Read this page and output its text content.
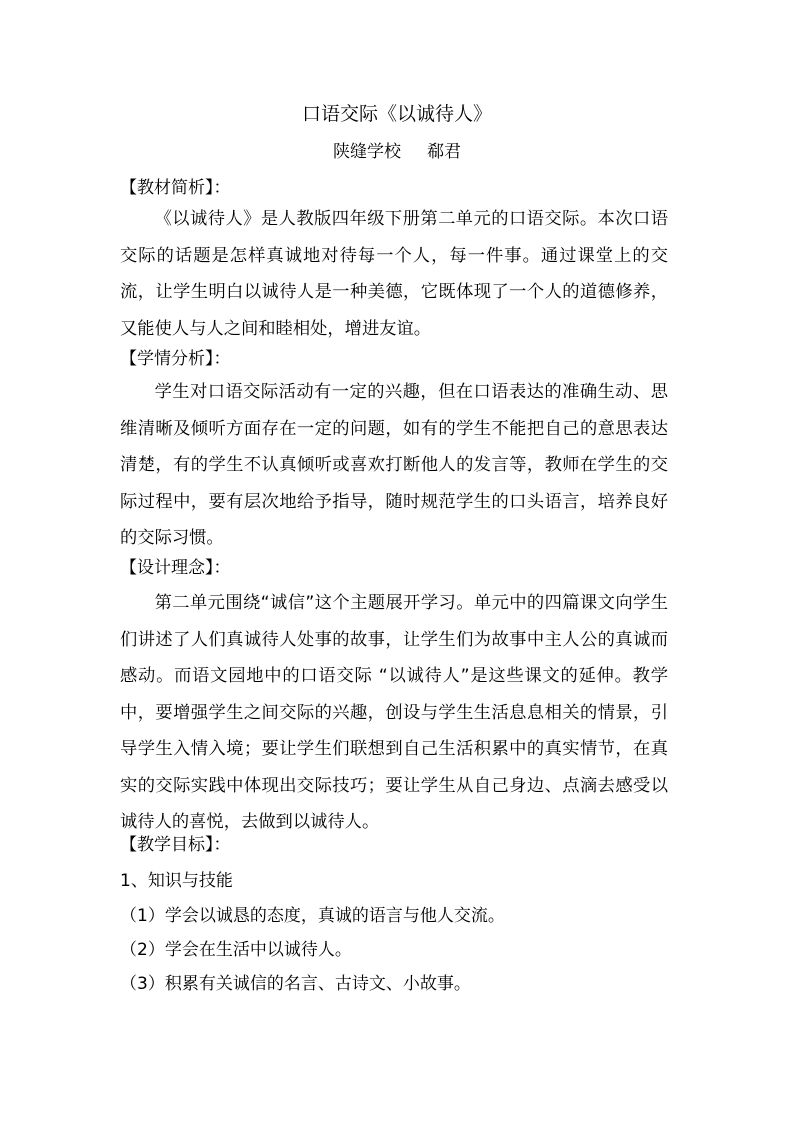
口语交际《以诚待人》
陕缝学校 郗君
【教材简析】：
《以诚待人》是人教版四年级下册第二单元的口语交际。本次口语交际的话题是怎样真诚地对待每一个人，每一件事。通过课堂上的交流，让学生明白以诚待人是一种美德，它既体现了一个人的道德修养，又能使人与人之间和睦相处，增进友谊。
【学情分析】：
学生对口语交际活动有一定的兴趣，但在口语表达的准确生动、思维清晰及倾听方面存在一定的问题，如有的学生不能把自己的意思表达清楚，有的学生不认真倾听或喜欢打断他人的发言等，教师在学生的交际过程中，要有层次地给予指导，随时规范学生的口头语言，培养良好的交际习惯。
【设计理念】：
第二单元围绕“诚信”这个主题展开学习。单元中的四篇课文向学生们讲述了人们真诚待人处事的故事，让学生们为故事中主人公的真诚而感动。而语文园地中的口语交际 “以诚待人”是这些课文的延伸。教学中，要增强学生之间交际的兴趣，创设与学生生活息息相关的情景，引导学生入情入境；要让学生们联想到自己生活积累中的真实情节，在真实的交际实践中体现出交际技巧；要让学生从自己身边、点滴去感受以诚待人的喜悦，去做到以诚待人。
【教学目标】：
1、知识与技能
（1）学会以诚恳的态度，真诚的语言与他人交流。
（2）学会在生活中以诚待人。
（3）积累有关诚信的名言、古诗文、小故事。
